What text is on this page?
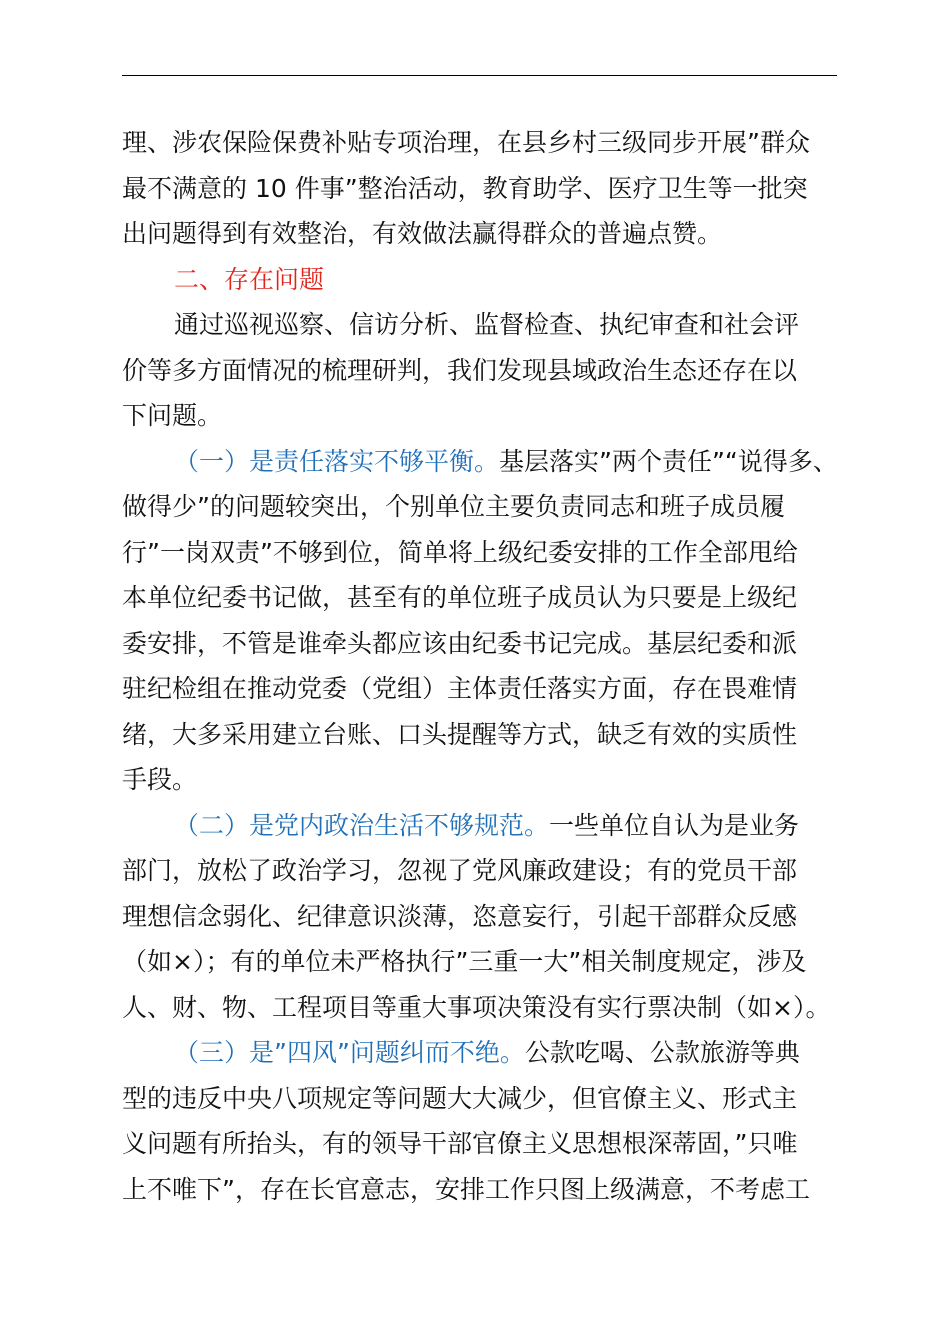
理、涉农保险保费补贴专项治理，在县乡村三级同步开展”群众
最不满意的 10 件事”整治活动，教育助学、医疗卫生等一批突
出问题得到有效整治，有效做法赢得群众的普遍点赞。
二、存在问题
通过巡视巡察、信访分析、监督检查、执纪审查和社会评
价等多方面情况的梳理研判，我们发现县域政治生态还存在以
下问题。
（一）是责任落实不够平衡。基层落实”两个责任”“说得多、
做得少”的问题较突出，个别单位主要负责同志和班子成员履
行”一岗双责”不够到位，简单将上级纪委安排的工作全部甩给
本单位纪委书记做，甚至有的单位班子成员认为只要是上级纪
委安排，不管是谁牵头都应该由纪委书记完成。基层纪委和派
驻纪检组在推动党委（党组）主体责任落实方面，存在畏难情
绪，大多采用建立台账、口头提醒等方式，缺乏有效的实质性
手段。
（二）是党内政治生活不够规范。一些单位自认为是业务
部门，放松了政治学习，忽视了党风廉政建设；有的党员干部
理想信念弱化、纪律意识淡薄，恣意妄行，引起干部群众反感
（如×）；有的单位未严格执行”三重一大”相关制度规定，涉及
人、财、物、工程项目等重大事项决策没有实行票决制（如×）。
（三）是”四风”问题纠而不绝。公款吃喝、公款旅游等典
型的违反中央八项规定等问题大大减少，但官僚主义、形式主
义问题有所抬头，有的领导干部官僚主义思想根深蒂固，”只唯
上不唯下”，存在长官意志，安排工作只图上级满意，不考虑工
